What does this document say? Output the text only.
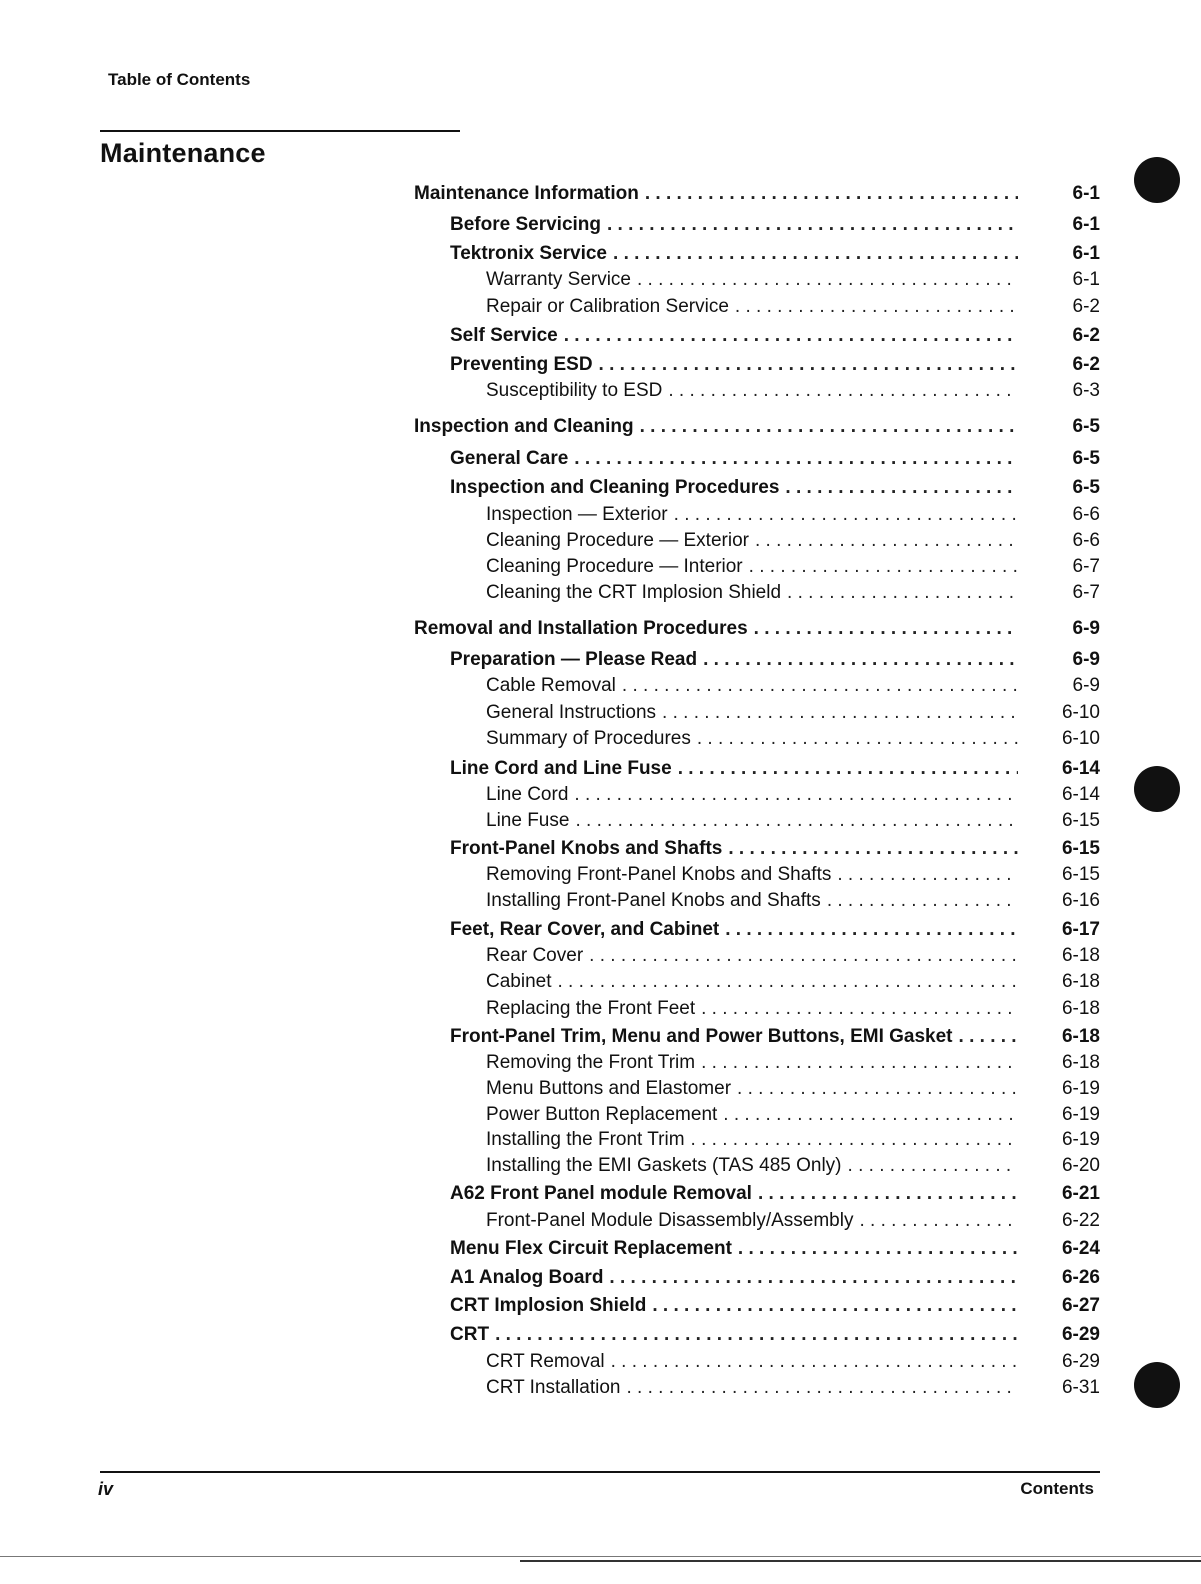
Table of Contents
Maintenance
Maintenance Information . . .	6-1
Before Servicing . . .	6-1
Tektronix Service . . .	6-1
Warranty Service . . .	6-1
Repair or Calibration Service . . .	6-2
Self Service . . .	6-2
Preventing ESD . . .	6-2
Susceptibility to ESD . . .	6-3
Inspection and Cleaning . . .	6-5
General Care . . .	6-5
Inspection and Cleaning Procedures . . .	6-5
Inspection — Exterior . . .	6-6
Cleaning Procedure — Exterior . . .	6-6
Cleaning Procedure — Interior . . .	6-7
Cleaning the CRT Implosion Shield . . .	6-7
Removal and Installation Procedures . . .	6-9
Preparation — Please Read . . .	6-9
Cable Removal . . .	6-9
General Instructions . . .	6-10
Summary of Procedures . . .	6-10
Line Cord and Line Fuse . . .	6-14
Line Cord . . .	6-14
Line Fuse . . .	6-15
Front-Panel Knobs and Shafts . . .	6-15
Removing Front-Panel Knobs and Shafts . . .	6-15
Installing Front-Panel Knobs and Shafts . . .	6-16
Feet, Rear Cover, and Cabinet . . .	6-17
Rear Cover . . .	6-18
Cabinet . . .	6-18
Replacing the Front Feet . . .	6-18
Front-Panel Trim, Menu and Power Buttons, EMI Gasket . . .	6-18
Removing the Front Trim . . .	6-18
Menu Buttons and Elastomer . . .	6-19
Power Button Replacement . . .	6-19
Installing the Front Trim . . .	6-19
Installing the EMI Gaskets (TAS 485 Only) . . .	6-20
A62 Front Panel module Removal . . .	6-21
Front-Panel Module Disassembly/Assembly . . .	6-22
Menu Flex Circuit Replacement . . .	6-24
A1 Analog Board . . .	6-26
CRT Implosion Shield . . .	6-27
CRT . . .	6-29
CRT Removal . . .	6-29
CRT Installation . . .	6-31
iv	Contents
